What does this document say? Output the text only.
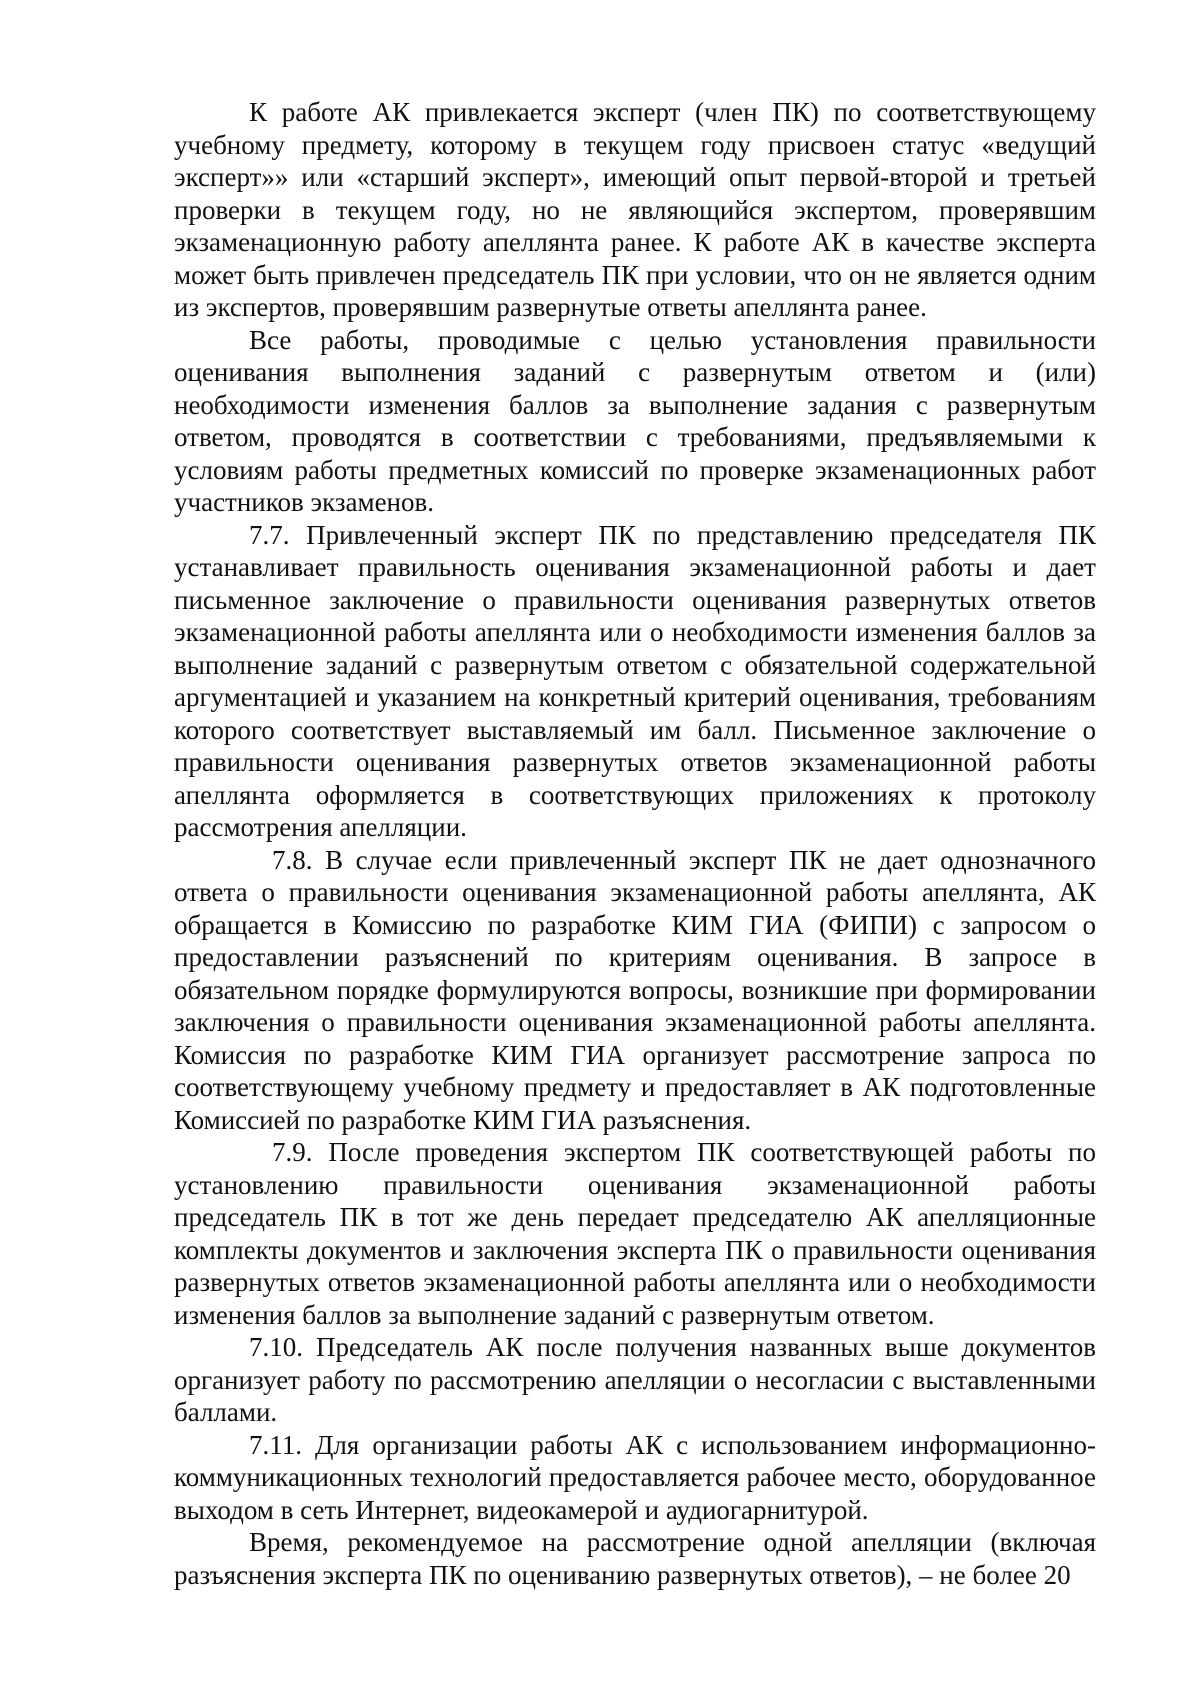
К работе АК привлекается эксперт (член ПК) по соответствующему учебному предмету, которому в текущем году присвоен статус «ведущий эксперт»» или «старший эксперт», имеющий опыт первой-второй и третьей проверки в текущем году, но не являющийся экспертом, проверявшим экзаменационную работу апеллянта ранее. К работе АК в качестве эксперта может быть привлечен председатель ПК при условии, что он не является одним из экспертов, проверявшим развернутые ответы апеллянта ранее.

Все работы, проводимые с целью установления правильности оценивания выполнения заданий с развернутым ответом и (или) необходимости изменения баллов за выполнение задания с развернутым ответом, проводятся в соответствии с требованиями, предъявляемыми к условиям работы предметных комиссий по проверке экзаменационных работ участников экзаменов.

7.7. Привлеченный эксперт ПК по представлению председателя ПК устанавливает правильность оценивания экзаменационной работы и дает письменное заключение о правильности оценивания развернутых ответов экзаменационной работы апеллянта или о необходимости изменения баллов за выполнение заданий с развернутым ответом с обязательной содержательной аргументацией и указанием на конкретный критерий оценивания, требованиям которого соответствует выставляемый им балл. Письменное заключение о правильности оценивания развернутых ответов экзаменационной работы апеллянта оформляется в соответствующих приложениях к протоколу рассмотрения апелляции.

7.8. В случае если привлеченный эксперт ПК не дает однозначного ответа о правильности оценивания экзаменационной работы апеллянта, АК обращается в Комиссию по разработке КИМ ГИА (ФИПИ) с запросом о предоставлении разъяснений по критериям оценивания. В запросе в обязательном порядке формулируются вопросы, возникшие при формировании заключения о правильности оценивания экзаменационной работы апеллянта. Комиссия по разработке КИМ ГИА организует рассмотрение запроса по соответствующему учебному предмету и предоставляет в АК подготовленные Комиссией по разработке КИМ ГИА разъяснения.

7.9. После проведения экспертом ПК соответствующей работы по установлению правильности оценивания экзаменационной работы председатель ПК в тот же день передает председателю АК апелляционные комплекты документов и заключения эксперта ПК о правильности оценивания развернутых ответов экзаменационной работы апеллянта или о необходимости изменения баллов за выполнение заданий с развернутым ответом.

7.10. Председатель АК после получения названных выше документов организует работу по рассмотрению апелляции о несогласии с выставленными баллами.

7.11. Для организации работы АК с использованием информационно-коммуникационных технологий предоставляется рабочее место, оборудованное выходом в сеть Интернет, видеокамерой и аудиогарнитурой.

Время, рекомендуемое на рассмотрение одной апелляции (включая разъяснения эксперта ПК по оцениванию развернутых ответов), – не более 20
